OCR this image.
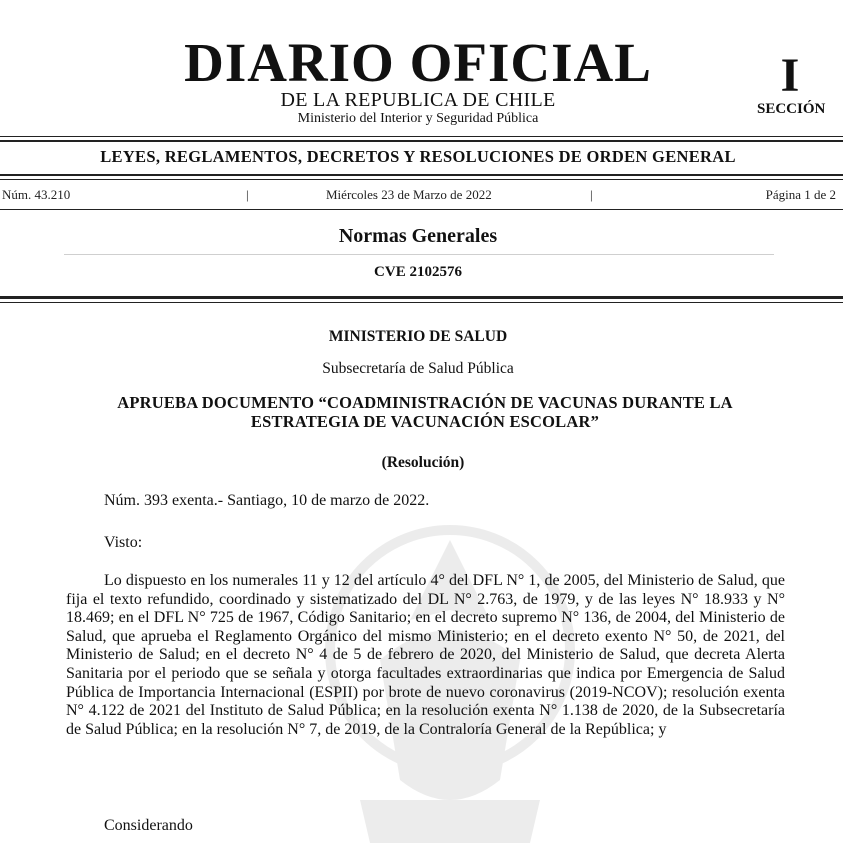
DIARIO OFICIAL
DE LA REPUBLICA DE CHILE
Ministerio del Interior y Seguridad Pública
I
SECCIÓN
LEYES, REGLAMENTOS, DECRETOS Y RESOLUCIONES DE ORDEN GENERAL
Núm. 43.210	|	Miércoles 23 de Marzo de 2022	|	Página 1 de 2
Normas Generales
CVE 2102576
MINISTERIO DE SALUD
Subsecretaría de Salud Pública
APRUEBA DOCUMENTO “COADMINISTRACIÓN DE VACUNAS DURANTE LA ESTRATEGIA DE VACUNACIÓN ESCOLAR”
(Resolución)
Núm. 393 exenta.- Santiago, 10 de marzo de 2022.
Visto:
Lo dispuesto en los numerales 11 y 12 del artículo 4° del DFL N° 1, de 2005, del Ministerio de Salud, que fija el texto refundido, coordinado y sistematizado del DL N° 2.763, de 1979, y de las leyes N° 18.933 y N° 18.469; en el DFL N° 725 de 1967, Código Sanitario; en el decreto supremo N° 136, de 2004, del Ministerio de Salud, que aprueba el Reglamento Orgánico del mismo Ministerio; en el decreto exento N° 50, de 2021, del Ministerio de Salud; en el decreto N° 4 de 5 de febrero de 2020, del Ministerio de Salud, que decreta Alerta Sanitaria por el periodo que se señala y otorga facultades extraordinarias que indica por Emergencia de Salud Pública de Importancia Internacional (ESPII) por brote de nuevo coronavirus (2019-NCOV); resolución exenta N° 4.122 de 2021 del Instituto de Salud Pública; en la resolución exenta N° 1.138 de 2020, de la Subsecretaría de Salud Pública; en la resolución N° 7, de 2019, de la Contraloría General de la República; y
Considerando
